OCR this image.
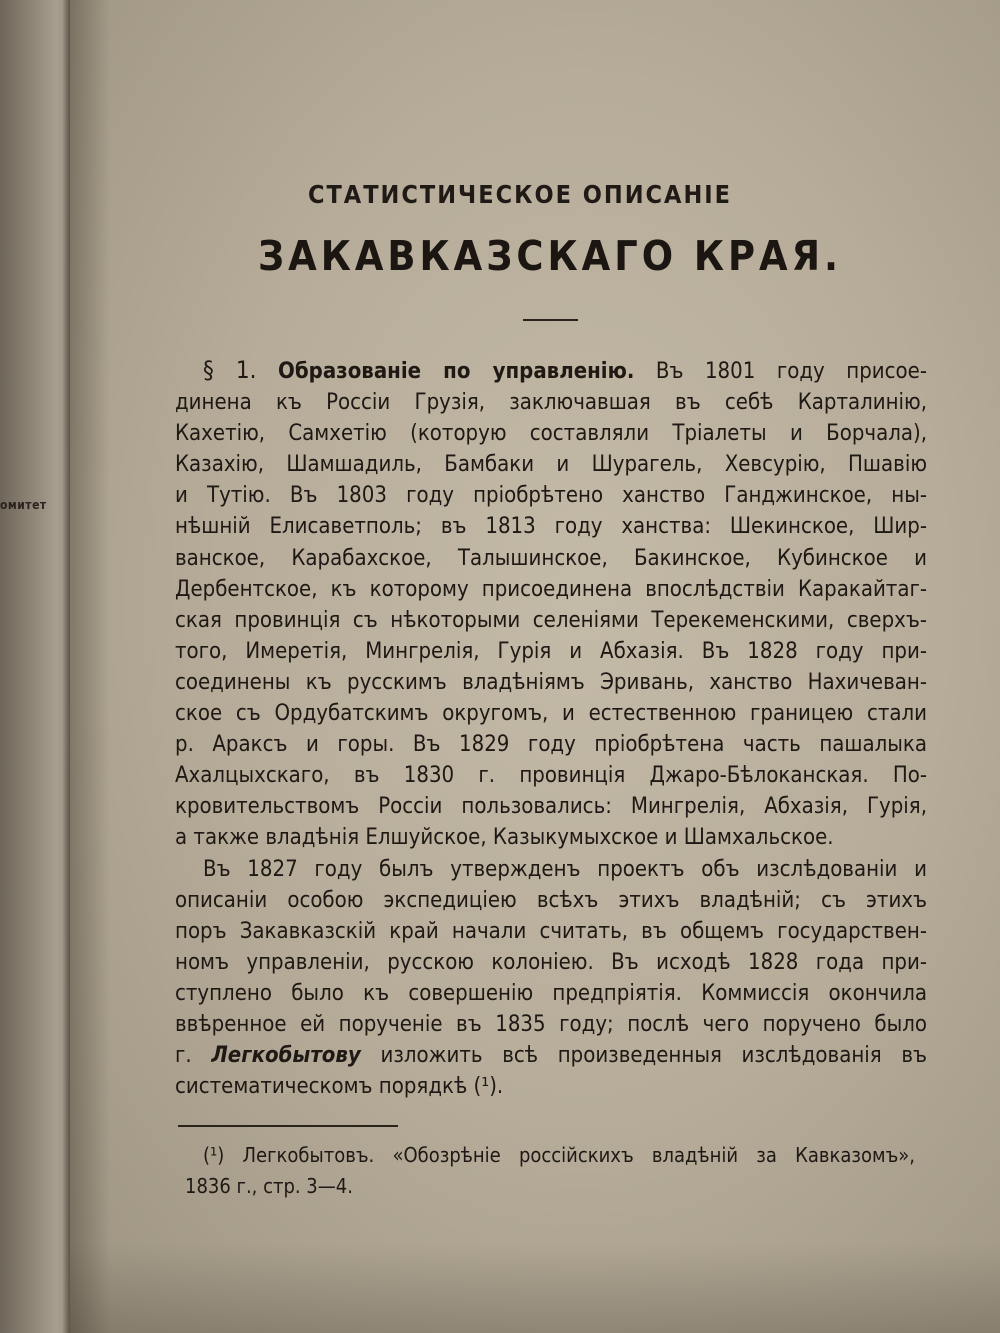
омитет
СТАТИСТИЧЕСКОЕ ОПИСАНІЕ
ЗАКАВКАЗСКАГО КРАЯ.

§ 1. Образованіе по управленію. Въ 1801 году присое-
динена къ Россіи Грузія, заключавшая въ себѣ Карталинію,
Кахетію, Самхетію (которую составляли Тріалеты и Борчала),
Казахію, Шамшадиль, Бамбаки и Шурагель, Хевсурію, Пшавію
и Тутію. Въ 1803 году пріобрѣтено ханство Ганджинское, ны-
нѣшній Елисаветполь; въ 1813 году ханства: Шекинское, Шир-
ванское, Карабахское, Талышинское, Бакинское, Кубинское и
Дербентское, къ которому присоединена впослѣдствіи Каракайтаг-
ская провинція съ нѣкоторыми селеніями Терекеменскими, сверхъ-
того, Имеретія, Мингрелія, Гурія и Абхазія. Въ 1828 году при-
соединены къ русскимъ владѣніямъ Эривань, ханство Нахичеван-
ское съ Ордубатскимъ округомъ, и естественною границею стали
р. Араксъ и горы. Въ 1829 году пріобрѣтена часть пашалыка
Ахалцыхскаго, въ 1830 г. провинція Джаро-Бѣлоканская. По-
кровительствомъ Россіи пользовались: Мингрелія, Абхазія, Гурія,
а также владѣнія Елшуйское, Казыкумыхское и Шамхальское.

Въ 1827 году былъ утвержденъ проектъ объ изслѣдованіи и
описаніи особою экспедиціею всѣхъ этихъ владѣній; съ этихъ
поръ Закавказскій край начали считать, въ общемъ государствен-
номъ управленіи, русскою колоніею. Въ исходѣ 1828 года при-
ступлено было къ совершенію предпріятія. Коммиссія окончила
ввѣренное ей порученіе въ 1835 году; послѣ чего поручено было
г. Легкобытову изложить всѣ произведенныя изслѣдованія въ
систематическомъ порядкѣ (¹).

(¹) Легкобытовъ. «Обозрѣніе россійскихъ владѣній за Кавказомъ»,
1836 г., стр. 3—4.
